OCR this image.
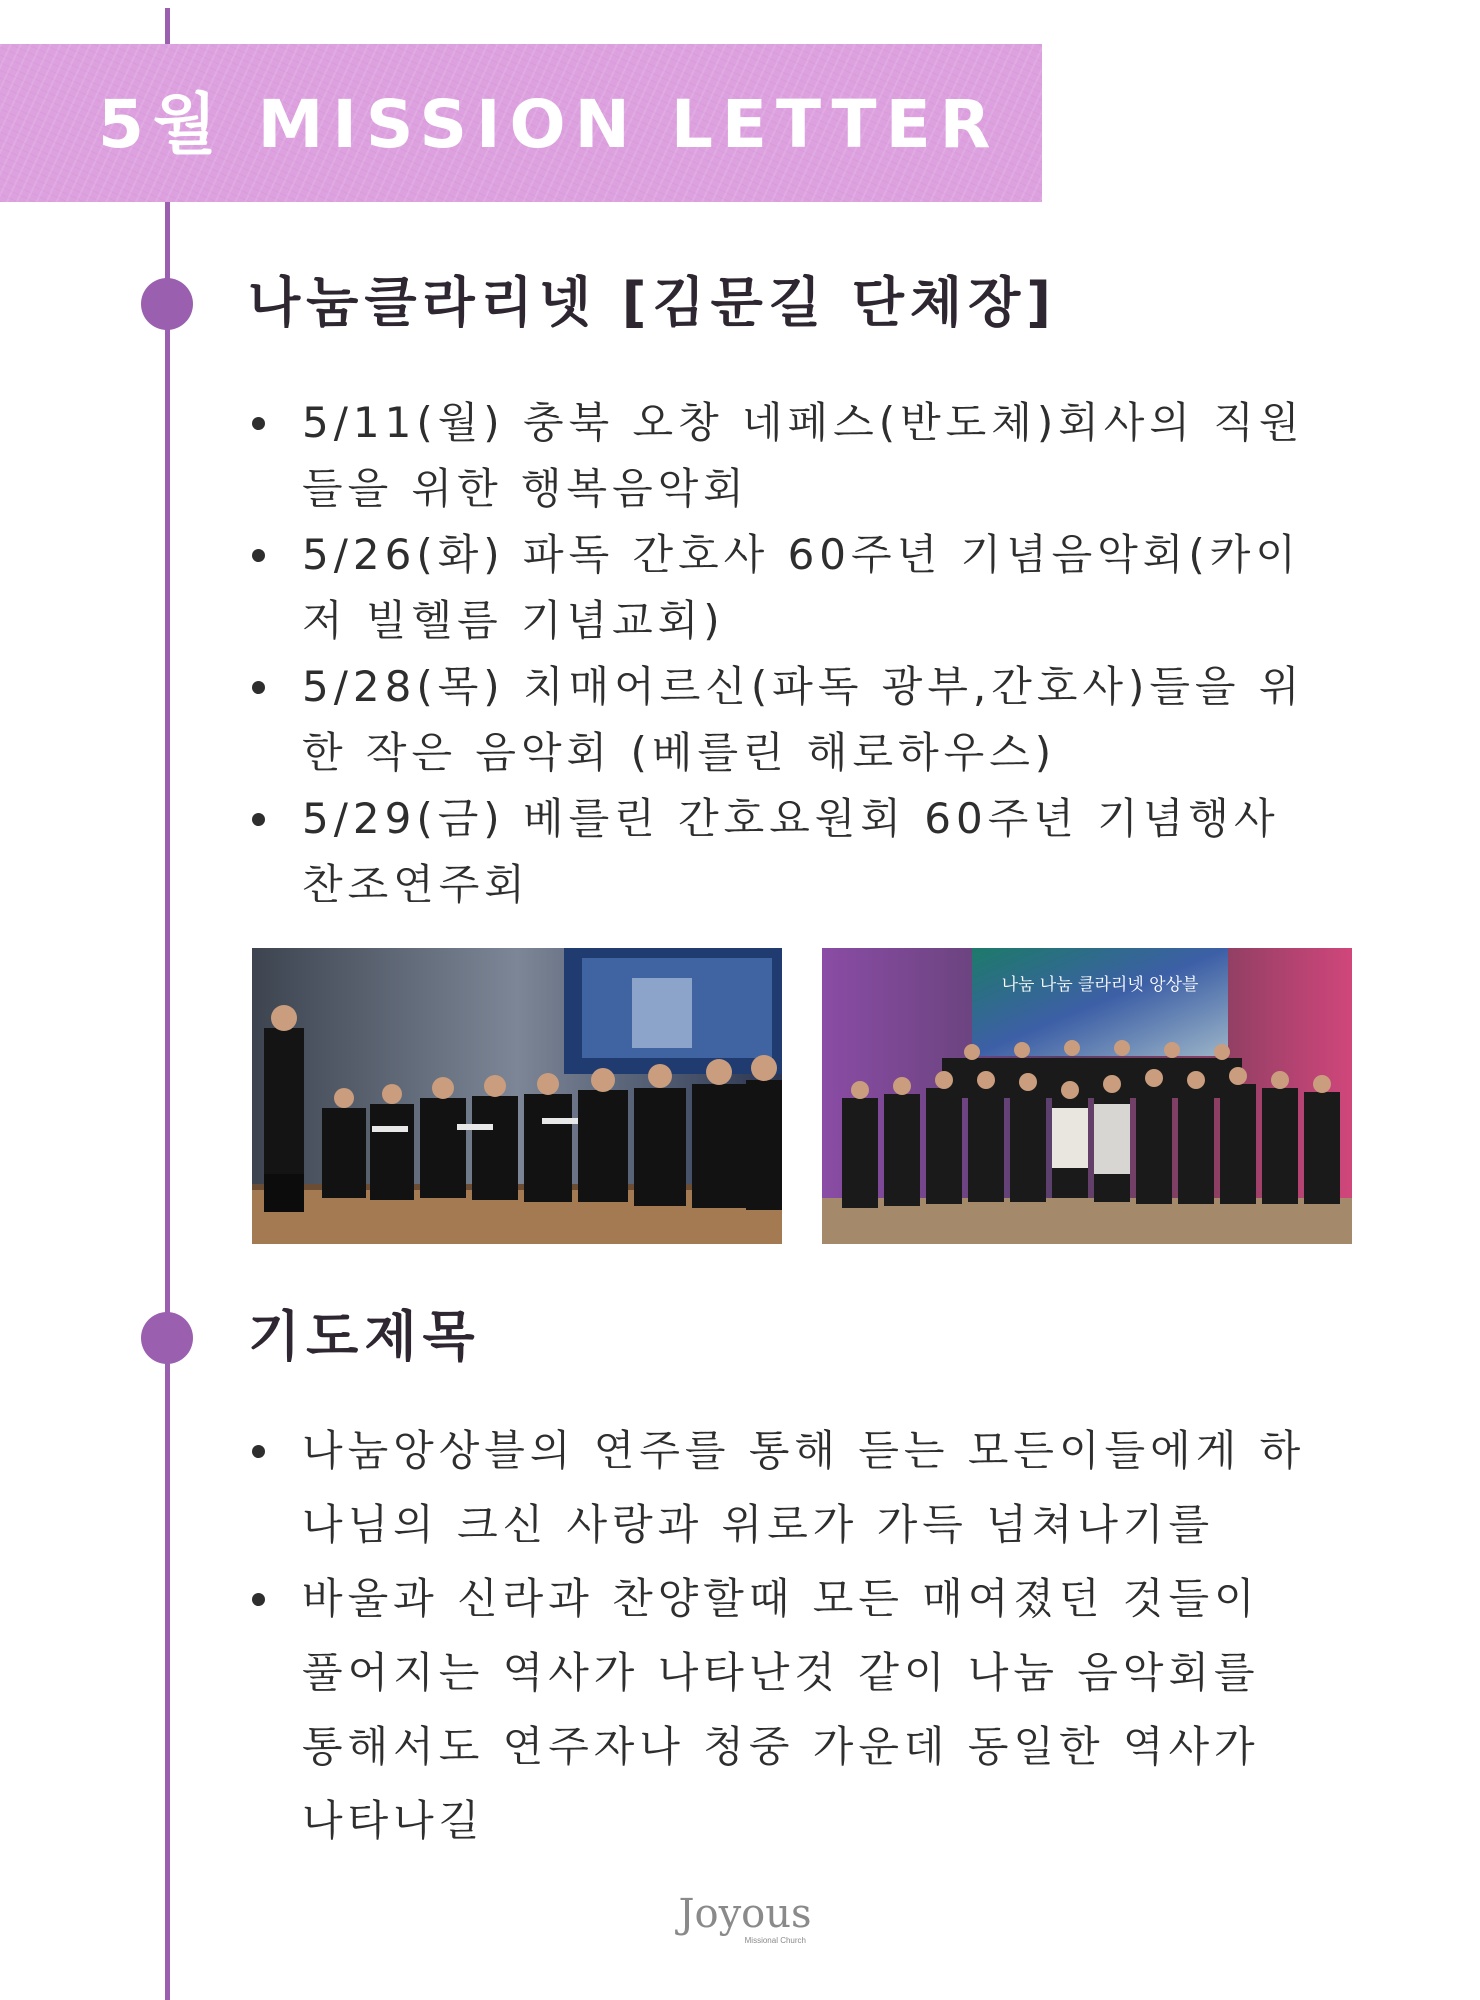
5월 MISSION LETTER
나눔클라리넷 [김문길 단체장]
5/11(월) 충북 오창 네페스(반도체)회사의 직원들을 위한 행복음악회
5/26(화) 파독 간호사 60주년 기념음악회(카이저 빌헬름 기념교회)
5/28(목) 치매어르신(파독 광부,간호사)들을 위한 작은 음악회 (베를린 해로하우스)
5/29(금) 베를린 간호요원회 60주년 기념행사 찬조연주회
나눔 나눔 클라리넷 앙상블
기도제목
나눔앙상블의 연주를 통해 듣는 모든이들에게 하나님의 크신 사랑과 위로가 가득 넘쳐나기를
바울과 신라과 찬양할때 모든 매여졌던 것들이 풀어지는 역사가 나타난것 같이 나눔 음악회를 통해서도 연주자나 청중 가운데 동일한 역사가 나타나길
Joyous
Missional Church
